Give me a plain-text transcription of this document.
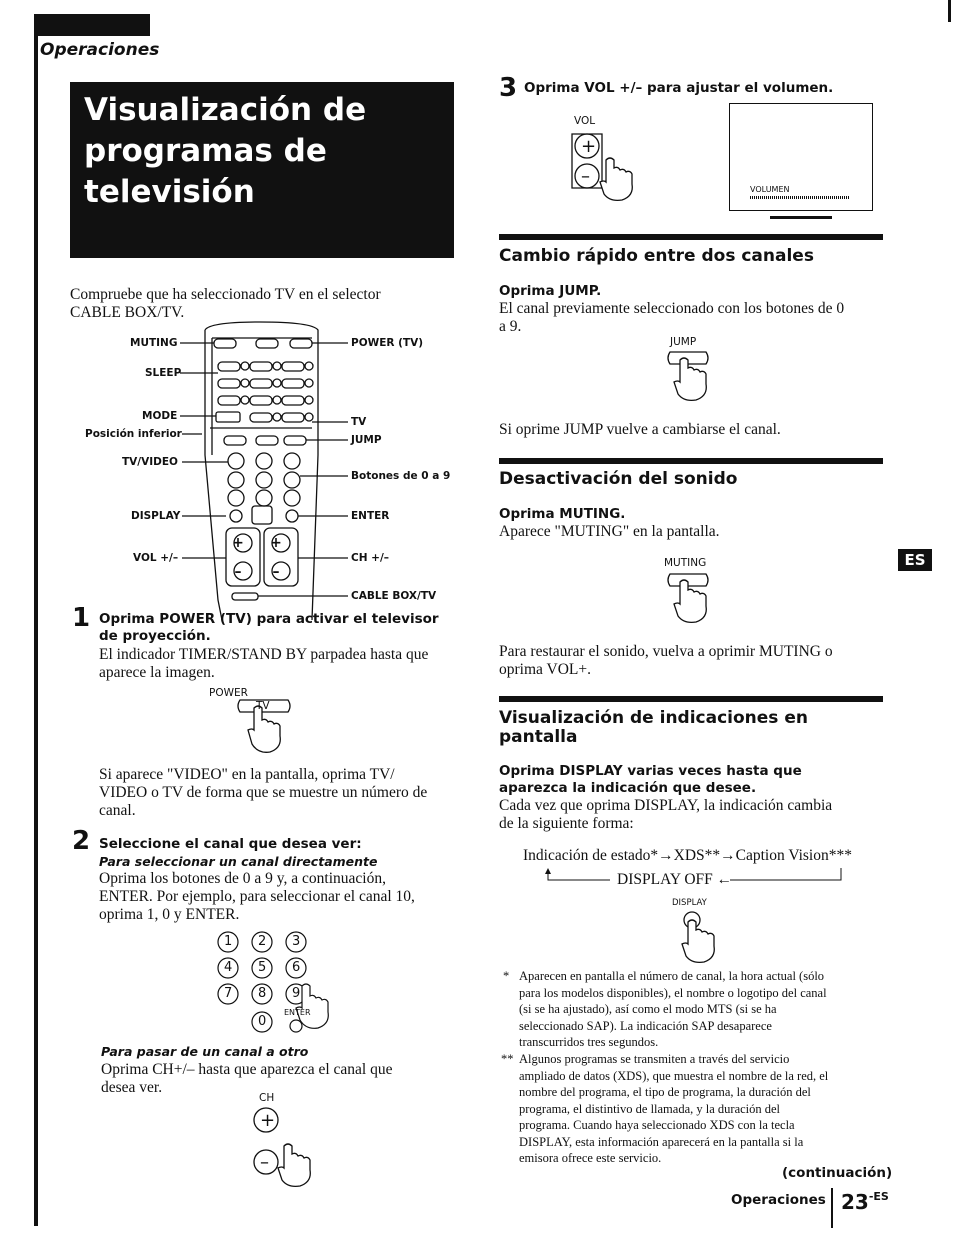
Operaciones
Visualización de
programas de
televisión
Compruebe que ha seleccionado TV en el selector
CABLE BOX/TV.
+
–
+
–
MUTING
SLEEP
MODE
Posición inferior
TV/VIDEO
DISPLAY
VOL +/–
POWER (TV)
TV
JUMP
Botones de 0 a 9
ENTER
CH +/–
CABLE BOX/TV
1 Oprima POWER (TV) para activar el televisor
de proyección.
El indicador TIMER/STAND BY parpadea hasta que
aparece la imagen.
POWER
TV
Si aparece "VIDEO" en la pantalla, oprima TV/
VIDEO o TV de forma que se muestre un número de
canal.
2 Seleccione el canal que desea ver:
Para seleccionar un canal directamente
Oprima los botones de 0 a 9 y, a continuación,
ENTER. Por ejemplo, para seleccionar el canal 10,
oprima 1, 0 y ENTER.
1 2 3
4 5 6
7 8 9
0
ENTER
Para pasar de un canal a otro
Oprima CH+/– hasta que aparezca el canal que
desea ver.
CH
+
–
3 Oprima VOL +/– para ajustar el volumen.
VOL
+
–
VOLUMEN
Cambio rápido entre dos canales
Oprima JUMP.
El canal previamente seleccionado con los botones de 0
a 9.
JUMP
Si oprime JUMP vuelve a cambiarse el canal.
Desactivación del sonido
Oprima MUTING.
Aparece "MUTING" en la pantalla.
MUTING
Para restaurar el sonido, vuelva a oprimir MUTING o
oprima VOL+.
Visualización de indicaciones en
pantalla
Oprima DISPLAY varias veces hasta que
aparezca la indicación que desee.
Cada vez que oprima DISPLAY, la indicación cambia
de la siguiente forma:
Indicación de estado*→XDS**→Caption Vision***
DISPLAY OFF ←
DISPLAY
* Aparecen en pantalla el número de canal, la hora actual (sólo
para los modelos disponibles), el nombre o logotipo del canal
(si se ha ajustado), así como el modo MTS (si se ha
seleccionado SAP). La indicación SAP desaparece
transcurridos tres segundos.
** Algunos programas se transmiten a través del servicio
ampliado de datos (XDS), que muestra el nombre de la red, el
nombre del programa, el tipo de programa, la duración del
programa, el distintivo de llamada, y la duración del
programa. Cuando haya seleccionado XDS con la tecla
DISPLAY, esta información aparecerá en la pantalla si la
emisora ofrece este servicio.
(continuación)
Operaciones $23^{-ES}$
ES
